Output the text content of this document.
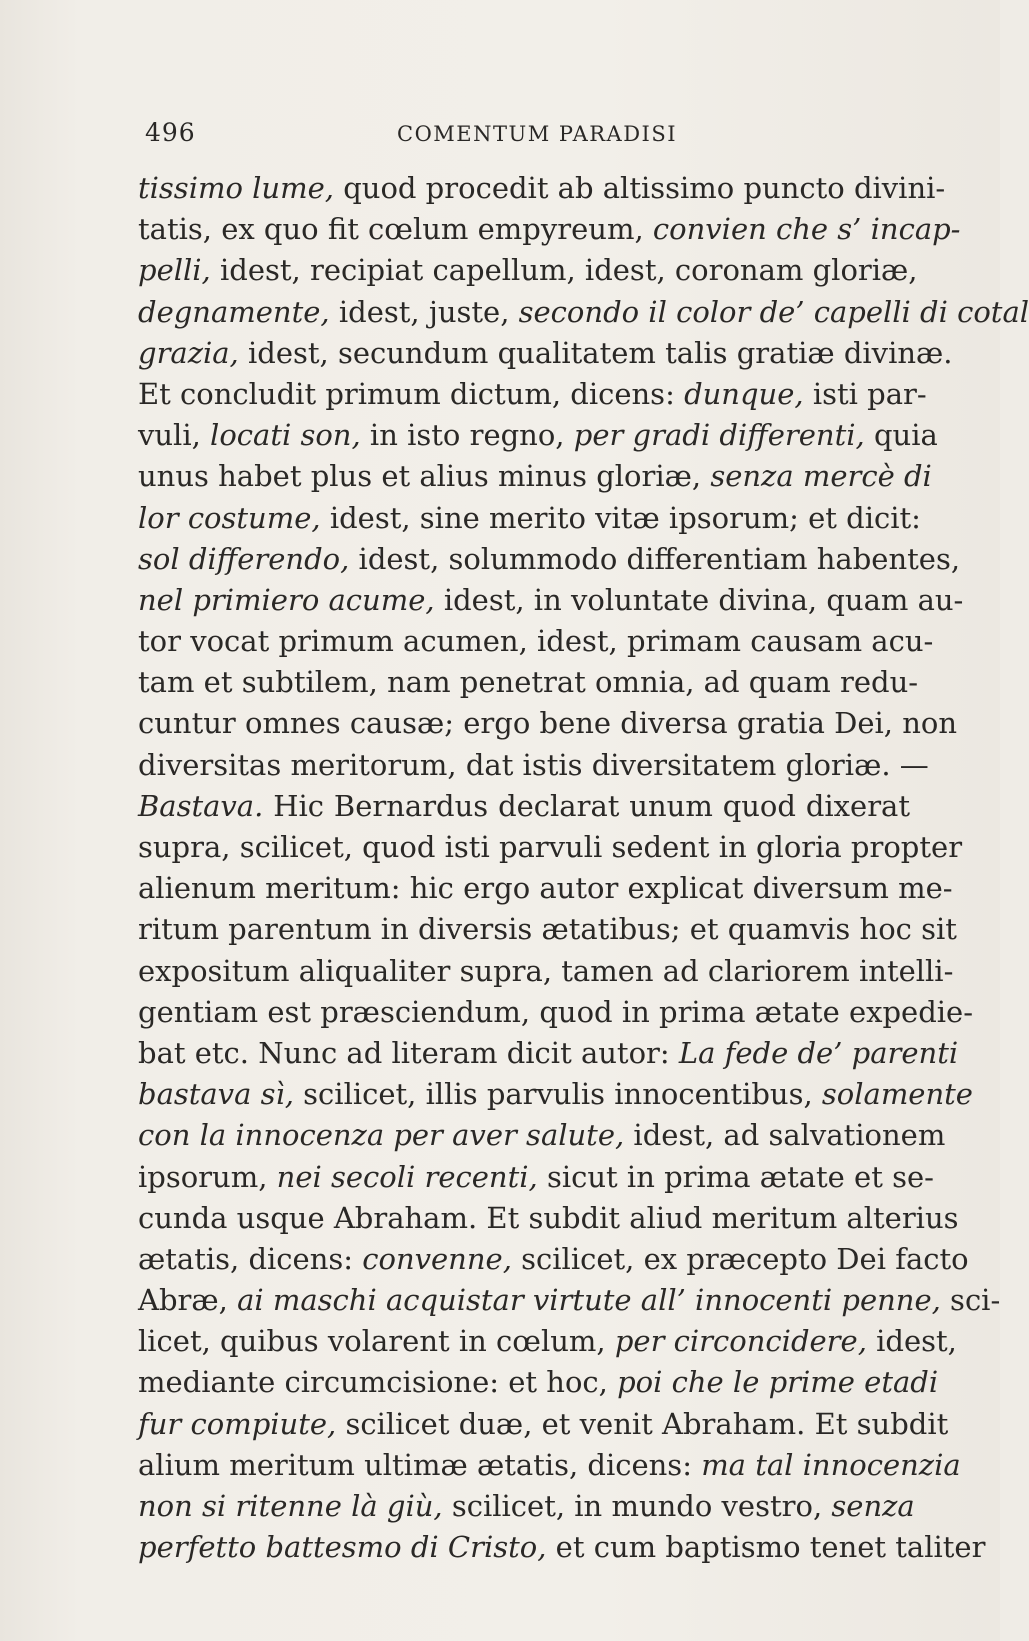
496	COMENTUM PARADISI
tissimo lume, quod procedit ab altissimo puncto divini-
tatis, ex quo fit cœlum empyreum, convien che s’ incap-
pelli, idest, recipiat capellum, idest, coronam gloriæ,
degnamente, idest, juste, secondo il color de’ capelli di cotal
grazia, idest, secundum qualitatem talis gratiæ divinæ.
Et concludit primum dictum, dicens: dunque, isti par-
vuli, locati son, in isto regno, per gradi differenti, quia
unus habet plus et alius minus gloriæ, senza mercè di
lor costume, idest, sine merito vitæ ipsorum; et dicit:
sol differendo, idest, solummodo differentiam habentes,
nel primiero acume, idest, in voluntate divina, quam au-
tor vocat primum acumen, idest, primam causam acu-
tam et subtilem, nam penetrat omnia, ad quam redu-
cuntur omnes causæ; ergo bene diversa gratia Dei, non
diversitas meritorum, dat istis diversitatem gloriæ. —
Bastava. Hic Bernardus declarat unum quod dixerat
supra, scilicet, quod isti parvuli sedent in gloria propter
alienum meritum: hic ergo autor explicat diversum me-
ritum parentum in diversis ætatibus; et quamvis hoc sit
expositum aliqualiter supra, tamen ad clariorem intelli-
gentiam est præsciendum, quod in prima ætate expedie-
bat etc. Nunc ad literam dicit autor: La fede de’ parenti
bastava sì, scilicet, illis parvulis innocentibus, solamente
con la innocenza per aver salute, idest, ad salvationem
ipsorum, nei secoli recenti, sicut in prima ætate et se-
cunda usque Abraham. Et subdit aliud meritum alterius
ætatis, dicens: convenne, scilicet, ex præcepto Dei facto
Abræ, ai maschi acquistar virtute all’ innocenti penne, sci-
licet, quibus volarent in cœlum, per circoncidere, idest,
mediante circumcisione: et hoc, poi che le prime etadi
fur compiute, scilicet duæ, et venit Abraham. Et subdit
alium meritum ultimæ ætatis, dicens: ma tal innocenzia
non si ritenne là giù, scilicet, in mundo vestro, senza
perfetto battesmo di Cristo, et cum baptismo tenet taliter
